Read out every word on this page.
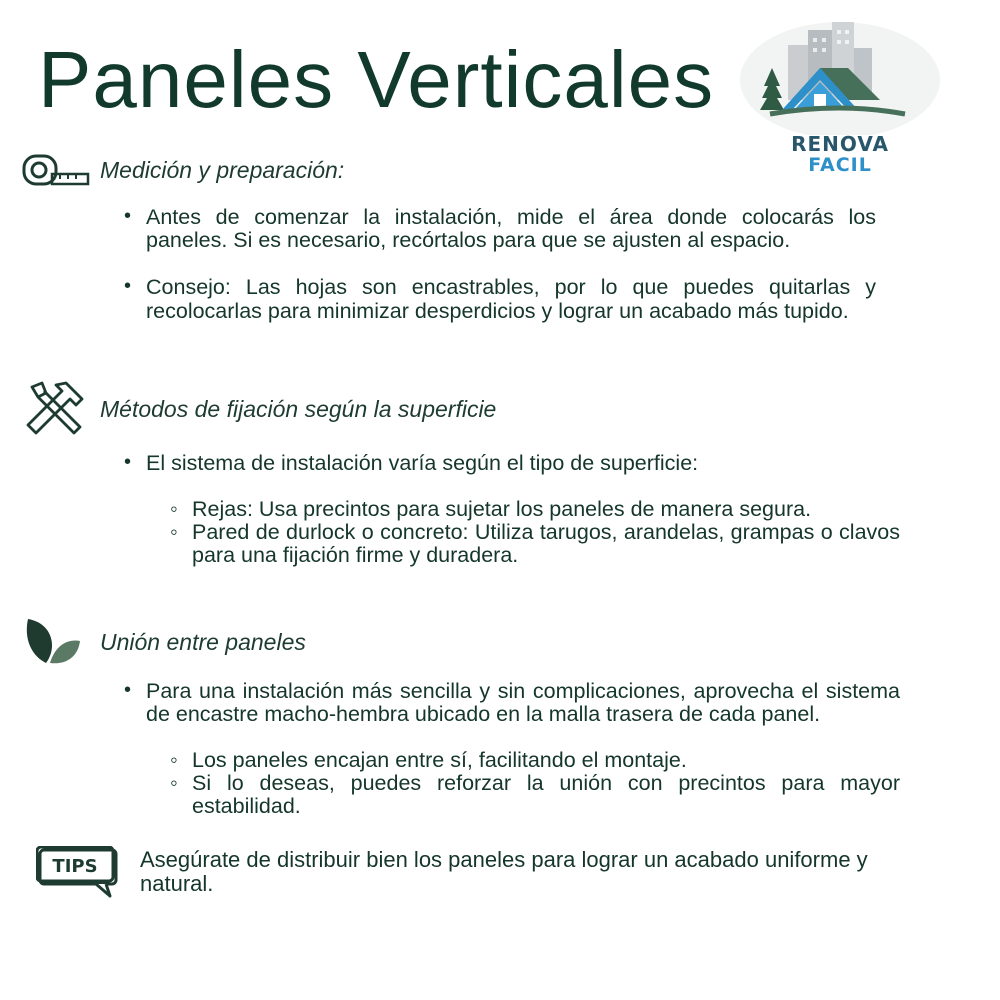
Paneles Verticales
RENOVA
FACIL
Medición y preparación:
• Antes de comenzar la instalación, mide el área donde colocarás los paneles. Si es necesario, recórtalos para que se ajusten al espacio.
• Consejo: Las hojas son encastrables, por lo que puedes quitarlas y recolocarlas para minimizar desperdicios y lograr un acabado más tupido.
Métodos de fijación según la superficie
• El sistema de instalación varía según el tipo de superficie:
◦ Rejas: Usa precintos para sujetar los paneles de manera segura.
◦ Pared de durlock o concreto: Utiliza tarugos, arandelas, grampas o clavos para una fijación firme y duradera.
Unión entre paneles
• Para una instalación más sencilla y sin complicaciones, aprovecha el sistema de encastre macho-hembra ubicado en la malla trasera de cada panel.
◦ Los paneles encajan entre sí, facilitando el montaje.
◦ Si lo deseas, puedes reforzar la unión con precintos para mayor estabilidad.
TIPS Asegúrate de distribuir bien los paneles para lograr un acabado uniforme y natural.
